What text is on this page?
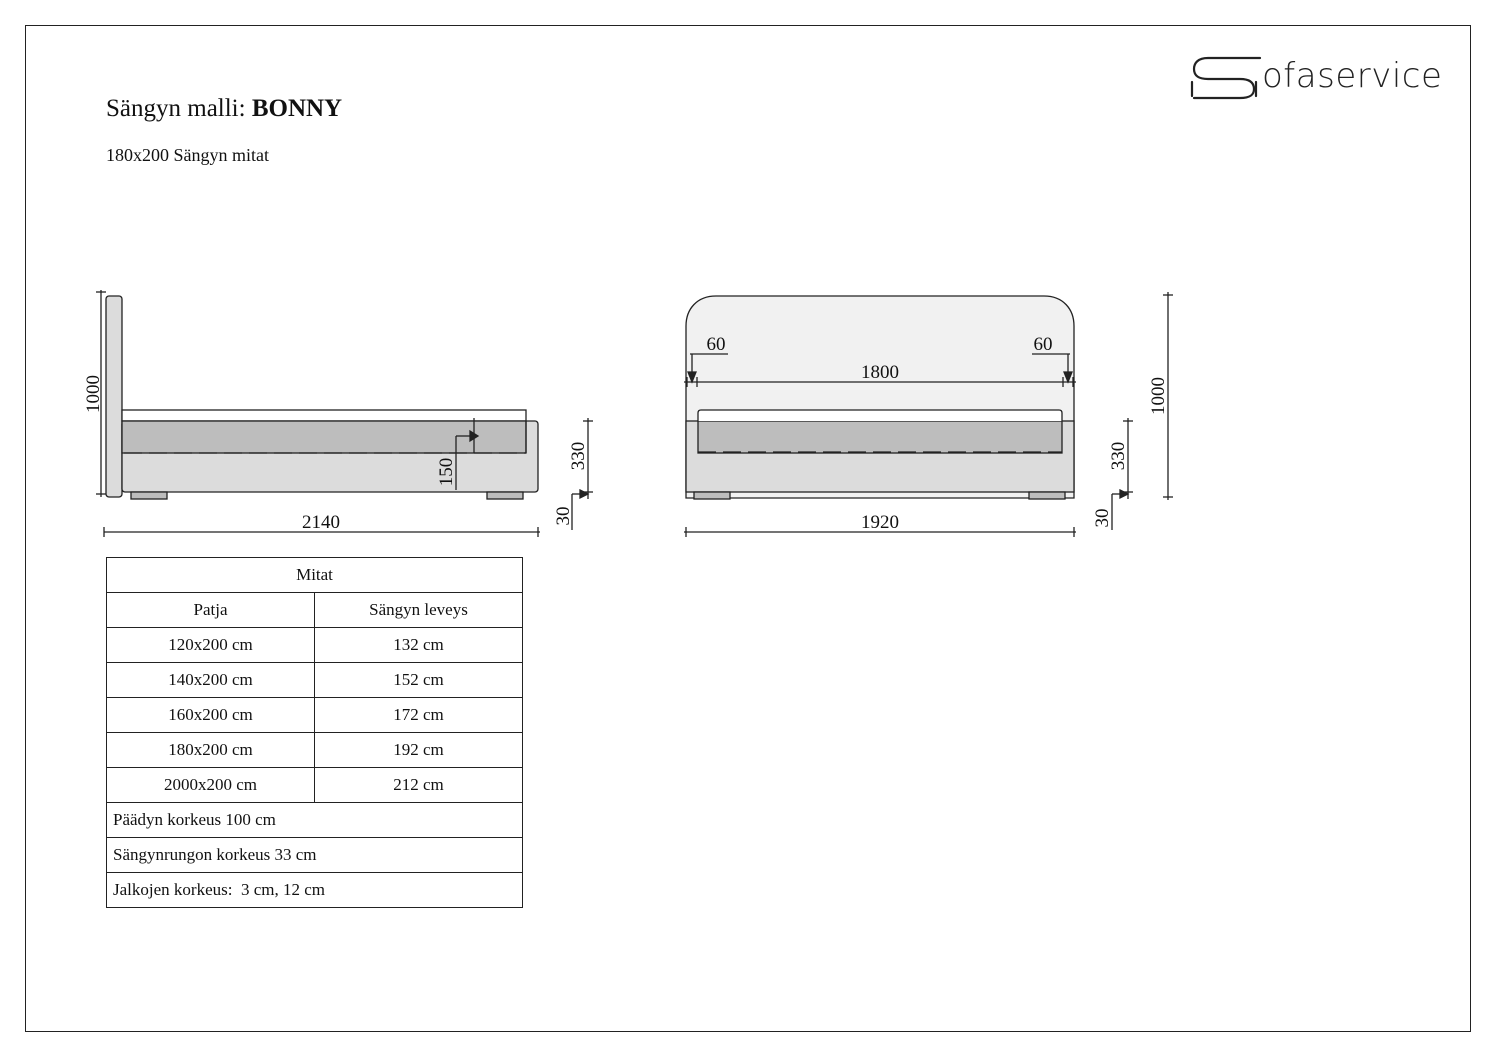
Sängyn malli: BONNY
180x200 Sängyn mitat
ofaservice
1000
150
330
30
2140
60	60
1800
1000
330
30
1920
Mitat	
Patja	Sängyn leveys
120x200 cm	132 cm
140x200 cm	152 cm
160x200 cm	172 cm
180x200 cm	192 cm
2000x200 cm	212 cm
Päädyn korkeus 100 cm	
Sängynrungon korkeus 33 cm	
Jalkojen korkeus:  3 cm, 12 cm	
